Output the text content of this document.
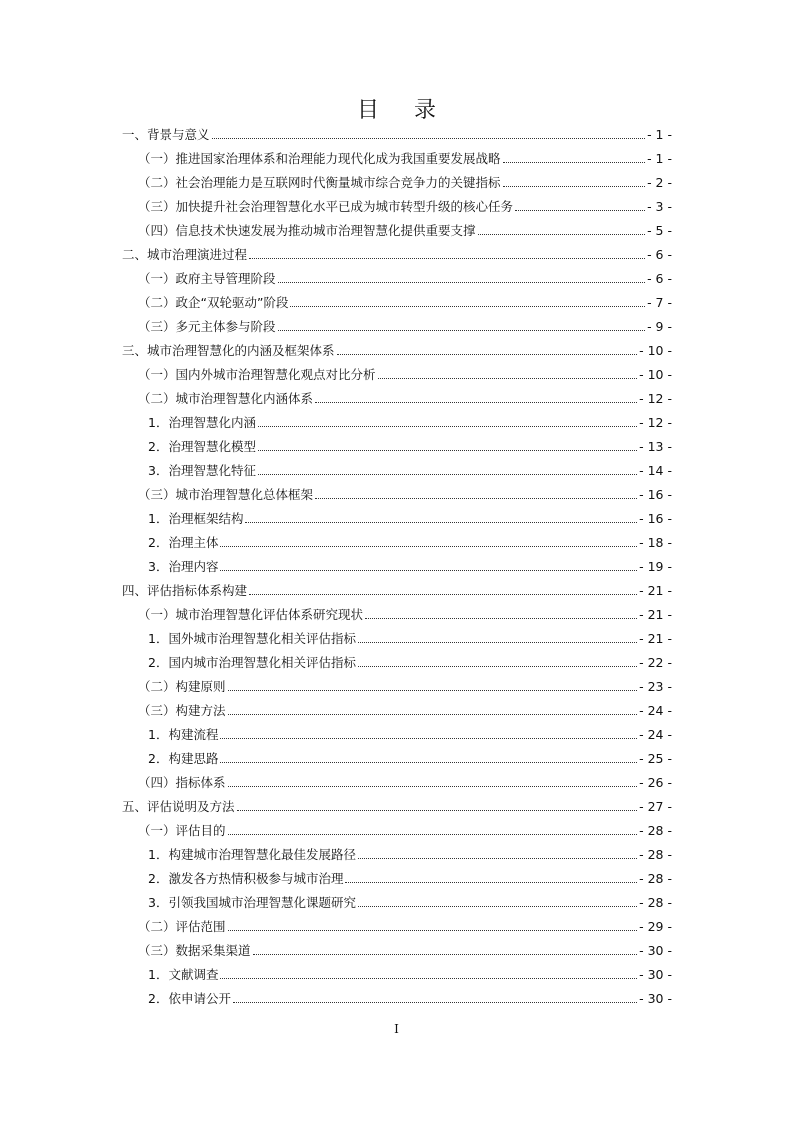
目 录
一、背景与意义	- 1 -
（一）推进国家治理体系和治理能力现代化成为我国重要发展战略	- 1 -
（二）社会治理能力是互联网时代衡量城市综合竞争力的关键指标	- 2 -
（三）加快提升社会治理智慧化水平已成为城市转型升级的核心任务	- 3 -
（四）信息技术快速发展为推动城市治理智慧化提供重要支撑	- 5 -
二、城市治理演进过程	- 6 -
（一）政府主导管理阶段	- 6 -
（二）政企“双轮驱动”阶段	- 7 -
（三）多元主体参与阶段	- 9 -
三、城市治理智慧化的内涵及框架体系	- 10 -
（一）国内外城市治理智慧化观点对比分析	- 10 -
（二）城市治理智慧化内涵体系	- 12 -
1．治理智慧化内涵	- 12 -
2．治理智慧化模型	- 13 -
3．治理智慧化特征	- 14 -
（三）城市治理智慧化总体框架	- 16 -
1．治理框架结构	- 16 -
2．治理主体	- 18 -
3．治理内容	- 19 -
四、评估指标体系构建	- 21 -
（一）城市治理智慧化评估体系研究现状	- 21 -
1．国外城市治理智慧化相关评估指标	- 21 -
2．国内城市治理智慧化相关评估指标	- 22 -
（二）构建原则	- 23 -
（三）构建方法	- 24 -
1．构建流程	- 24 -
2．构建思路	- 25 -
（四）指标体系	- 26 -
五、评估说明及方法	- 27 -
（一）评估目的	- 28 -
1．构建城市治理智慧化最佳发展路径	- 28 -
2．激发各方热情积极参与城市治理	- 28 -
3．引领我国城市治理智慧化课题研究	- 28 -
（二）评估范围	- 29 -
（三）数据采集渠道	- 30 -
1．文献调查	- 30 -
2．依申请公开	- 30 -
I
